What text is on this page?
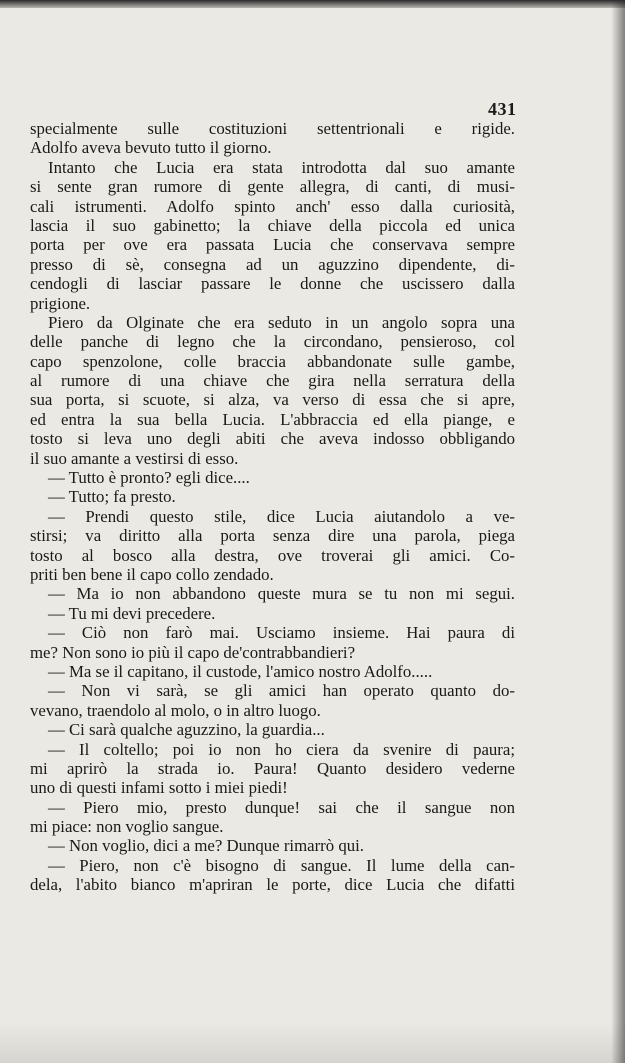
431
specialmente sulle costituzioni settentrionali e rigide.
Adolfo aveva bevuto tutto il giorno.
Intanto che Lucia era stata introdotta dal suo amante
si sente gran rumore di gente allegra, di canti, di musi-
cali istrumenti. Adolfo spinto anch' esso dalla curiosità,
lascia il suo gabinetto; la chiave della piccola ed unica
porta per ove era passata Lucia che conservava sempre
presso di sè, consegna ad un aguzzino dipendente, di-
cendogli di lasciar passare le donne che uscissero dalla
prigione.
Piero da Olginate che era seduto in un angolo sopra una
delle panche di legno che la circondano, pensieroso, col
capo spenzolone, colle braccia abbandonate sulle gambe,
al rumore di una chiave che gira nella serratura della
sua porta, si scuote, si alza, va verso di essa che si apre,
ed entra la sua bella Lucia. L'abbraccia ed ella piange, e
tosto si leva uno degli abiti che aveva indosso obbligando
il suo amante a vestirsi di esso.
— Tutto è pronto? egli dice....
— Tutto; fa presto.
— Prendi questo stile, dice Lucia aiutandolo a ve-
stirsi; va diritto alla porta senza dire una parola, piega
tosto al bosco alla destra, ove troverai gli amici. Co-
priti ben bene il capo collo zendado.
— Ma io non abbandono queste mura se tu non mi segui.
— Tu mi devi precedere.
— Ciò non farò mai. Usciamo insieme. Hai paura di
me? Non sono io più il capo de'contrabbandieri?
— Ma se il capitano, il custode, l'amico nostro Adolfo.....
— Non vi sarà, se gli amici han operato quanto do-
vevano, traendolo al molo, o in altro luogo.
— Ci sarà qualche aguzzino, la guardia...
— Il coltello; poi io non ho ciera da svenire di paura;
mi aprirò la strada io. Paura! Quanto desidero vederne
uno di questi infami sotto i miei piedi!
— Piero mio, presto dunque! sai che il sangue non
mi piace: non voglio sangue.
— Non voglio, dici a me? Dunque rimarrò qui.
— Piero, non c'è bisogno di sangue. Il lume della can-
dela, l'abito bianco m'apriran le porte, dice Lucia che difatti
